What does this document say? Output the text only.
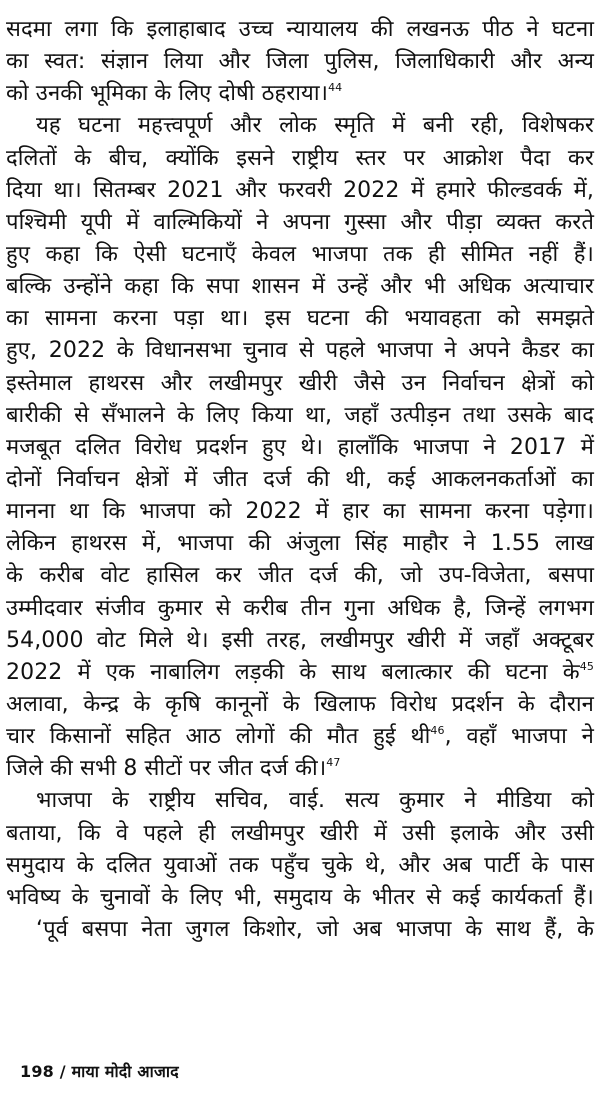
सदमा लगा कि इलाहाबाद उच्च न्यायालय की लखनऊ पीठ ने घटना
का स्वत: संज्ञान लिया और जिला पुलिस, जिलाधिकारी और अन्य
को उनकी भूमिका के लिए दोषी ठहराया।$^{44}$
यह घटना महत्त्वपूर्ण और लोक स्मृति में बनी रही, विशेषकर
दलितों के बीच, क्योंकि इसने राष्ट्रीय स्तर पर आक्रोश पैदा कर
दिया था। सितम्बर 2021 और फरवरी 2022 में हमारे फील्डवर्क में,
पश्चिमी यूपी में वाल्मिकियों ने अपना गुस्सा और पीड़ा व्यक्त करते
हुए कहा कि ऐसी घटनाएँ केवल भाजपा तक ही सीमित नहीं हैं।
बल्कि उन्होंने कहा कि सपा शासन में उन्हें और भी अधिक अत्याचार
का सामना करना पड़ा था। इस घटना की भयावहता को समझते
हुए, 2022 के विधानसभा चुनाव से पहले भाजपा ने अपने कैडर का
इस्तेमाल हाथरस और लखीमपुर खीरी जैसे उन निर्वाचन क्षेत्रों को
बारीकी से सँभालने के लिए किया था, जहाँ उत्पीड़न तथा उसके बाद
मजबूत दलित विरोध प्रदर्शन हुए थे। हालाँकि भाजपा ने 2017 में
दोनों निर्वाचन क्षेत्रों में जीत दर्ज की थी, कई आकलनकर्ताओं का
मानना था कि भाजपा को 2022 में हार का सामना करना पड़ेगा।
लेकिन हाथरस में, भाजपा की अंजुला सिंह माहौर ने 1.55 लाख
के करीब वोट हासिल कर जीत दर्ज की, जो उप-विजेता, बसपा
उम्मीदवार संजीव कुमार से करीब तीन गुना अधिक है, जिन्हें लगभग
54,000 वोट मिले थे। इसी तरह, लखीमपुर खीरी में जहाँ अक्टूबर
2022 में एक नाबालिग लड़की के साथ बलात्कार की घटना के$^{45}$
अलावा, केन्द्र के कृषि कानूनों के खिलाफ विरोध प्रदर्शन के दौरान
चार किसानों सहित आठ लोगों की मौत हुई थी$^{46}$, वहाँ भाजपा ने
जिले की सभी 8 सीटों पर जीत दर्ज की।$^{47}$
भाजपा के राष्ट्रीय सचिव, वाई. सत्य कुमार ने मीडिया को
बताया, कि वे पहले ही लखीमपुर खीरी में उसी इलाके और उसी
समुदाय के दलित युवाओं तक पहुँच चुके थे, और अब पार्टी के पास
भविष्य के चुनावों के लिए भी, समुदाय के भीतर से कई कार्यकर्ता हैं।
‘पूर्व बसपा नेता जुगल किशोर, जो अब भाजपा के साथ हैं, के
198 / माया मोदी आजाद
